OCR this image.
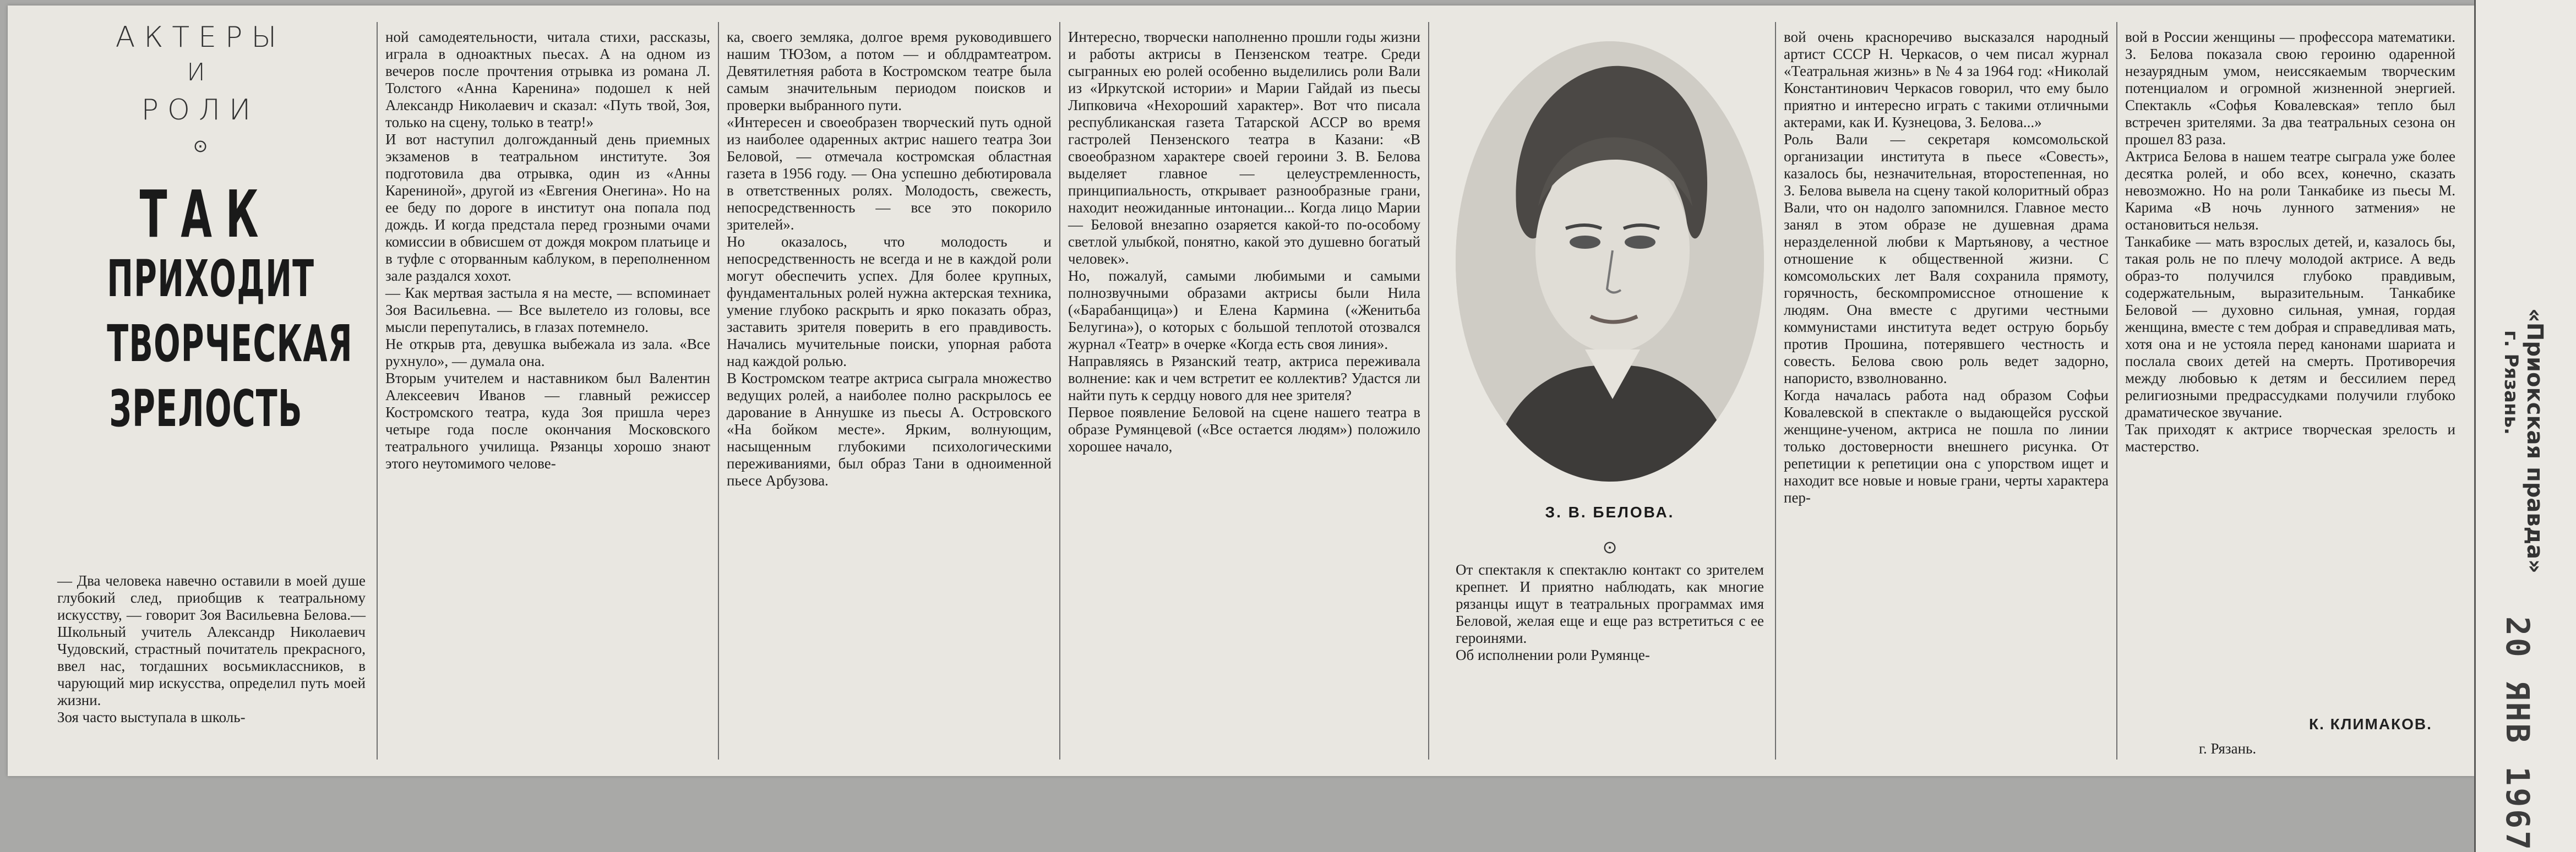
АКТЕРЫ
И
РОЛИ
⊙
ТАК
ПРИХОДИТ
ТВОРЧЕСКАЯ
ЗРЕЛОСТЬ
— Два человека навечно оставили в моей душе глубокий след, приобщив к театральному искусству, — говорит Зоя Васильевна Белова.—Школьный учитель Александр Николаевич Чудовский, страстный почитатель прекрасного, ввел нас, тогдашних восьмиклассников, в чарующий мир искусства, определил путь моей жизни.
Зоя часто выступала в школь-
ной самодеятельности, читала стихи, рассказы, играла в одноактных пьесах. А на одном из вечеров после прочтения отрывка из романа Л. Толстого «Анна Каренина» подошел к ней Александр Николаевич и сказал: «Путь твой, Зоя, только на сцену, только в театр!»
И вот наступил долгожданный день приемных экзаменов в театральном институте. Зоя подготовила два отрывка, один из «Анны Карениной», другой из «Евгения Онегина». Но на ее беду по дороге в институт она попала под дождь. И когда предстала перед грозными очами комиссии в обвисшем от дождя мокром платьице и в туфле с оторванным каблуком, в переполненном зале раздался хохот.
— Как мертвая застыла я на месте, — вспоминает Зоя Васильевна. — Все вылетело из головы, все мысли перепутались, в глазах потемнело.
Не открыв рта, девушка выбежала из зала. «Все рухнуло», — думала она.
Вторым учителем и наставником был Валентин Алексеевич Иванов — главный режиссер Костромского театра, куда Зоя пришла через четыре года после окончания Московского театрального училища. Рязанцы хорошо знают этого неутомимого челове-
ка, своего земляка, долгое время руководившего нашим ТЮЗом, а потом — и облдрамтеатром. Девятилетняя работа в Костромском театре была самым значительным периодом поисков и проверки выбранного пути.
«Интересен и своеобразен творческий путь одной из наиболее одаренных актрис нашего театра Зои Беловой, — отмечала костромская областная газета в 1956 году. — Она успешно дебютировала в ответственных ролях. Молодость, свежесть, непосредственность — все это покорило зрителей».
Но оказалось, что молодость и непосредственность не всегда и не в каждой роли могут обеспечить успех. Для более крупных, фундаментальных ролей нужна актерская техника, умение глубоко раскрыть и ярко показать образ, заставить зрителя поверить в его правдивость. Начались мучительные поиски, упорная работа над каждой ролью.
В Костромском театре актриса сыграла множество ведущих ролей, а наиболее полно раскрылось ее дарование в Аннушке из пьесы А. Островского «На бойком месте». Ярким, волнующим, насыщенным глубокими психологическими переживаниями, был образ Тани в одноименной пьесе Арбузова.
Интересно, творчески наполненно прошли годы жизни и работы актрисы в Пензенском театре. Среди сыгранных ею ролей особенно выделились роли Вали из «Иркутской истории» и Марии Гайдай из пьесы Липковича «Нехороший характер». Вот что писала республиканская газета Татарской АССР во время гастролей Пензенского театра в Казани: «В своеобразном характере своей героини З. В. Белова выделяет главное — целеустремленность, принципиальность, открывает разнообразные грани, находит неожиданные интонации... Когда лицо Марии — Беловой внезапно озаряется какой-то по-особому светлой улыбкой, понятно, какой это душевно богатый человек».
Но, пожалуй, самыми любимыми и самыми полнозвучными образами актрисы были Нила («Барабанщица») и Елена Кармина («Женитьба Белугина»), о которых с большой теплотой отозвался журнал «Театр» в очерке «Когда есть своя линия».
Направляясь в Рязанский театр, актриса переживала волнение: как и чем встретит ее коллектив? Удастся ли найти путь к сердцу нового для нее зрителя?
Первое появление Беловой на сцене нашего театра в образе Румянцевой («Все остается людям») положило хорошее начало,
З. В. БЕЛОВА.
⊙
От спектакля к спектаклю контакт со зрителем крепнет. И приятно наблюдать, как многие рязанцы ищут в театральных программах имя Беловой, желая еще и еще раз встретиться с ее героинями.
Об исполнении роли Румянце-
вой очень красноречиво высказался народный артист СССР Н. Черкасов, о чем писал журнал «Театральная жизнь» в № 4 за 1964 год: «Николай Константинович Черкасов говорил, что ему было приятно и интересно играть с такими отличными актерами, как И. Кузнецова, З. Белова...»
Роль Вали — секретаря комсомольской организации института в пьесе «Совесть», казалось бы, незначительная, второстепенная, но З. Белова вывела на сцену такой колоритный образ Вали, что он надолго запомнился. Главное место занял в этом образе не душевная драма неразделенной любви к Мартьянову, а честное отношение к общественной жизни. С комсомольских лет Валя сохранила прямоту, горячность, бескомпромиссное отношение к людям. Она вместе с другими честными коммунистами института ведет острую борьбу против Прошина, потерявшего честность и совесть. Белова свою роль ведет задорно, напористо, взволнованно.
Когда началась работа над образом Софьи Ковалевской в спектакле о выдающейся русской женщине-ученом, актриса не пошла по линии только достоверности внешнего рисунка. От репетиции к репетиции она с упорством ищет и находит все новые и новые грани, черты характера пер-
вой в России женщины — профессора математики. З. Белова показала свою героиню одаренной незаурядным умом, неиссякаемым творческим потенциалом и огромной жизненной энергией. Спектакль «Софья Ковалевская» тепло был встречен зрителями. За два театральных сезона он прошел 83 раза.
Актриса Белова в нашем театре сыграла уже более десятка ролей, и обо всех, конечно, сказать невозможно. Но на роли Танкабике из пьесы М. Карима «В ночь лунного затмения» не остановиться нельзя.
Танкабике — мать взрослых детей, и, казалось бы, такая роль не по плечу молодой актрисе. А ведь образ-то получился глубоко правдивым, содержательным, выразительным. Танкабике Беловой — духовно сильная, умная, гордая женщина, вместе с тем добрая и справедливая мать, хотя она и не устояла перед канонами шариата и послала своих детей на смерть. Противоречия между любовью к детям и бессилием перед религиозными предрассудками получили глубоко драматическое звучание.
Так приходят к актрисе творческая зрелость и мастерство.
К. КЛИМАКОВ.
г. Рязань.
«Приокская правда»
г. Рязань.
20 ЯНВ 1967
